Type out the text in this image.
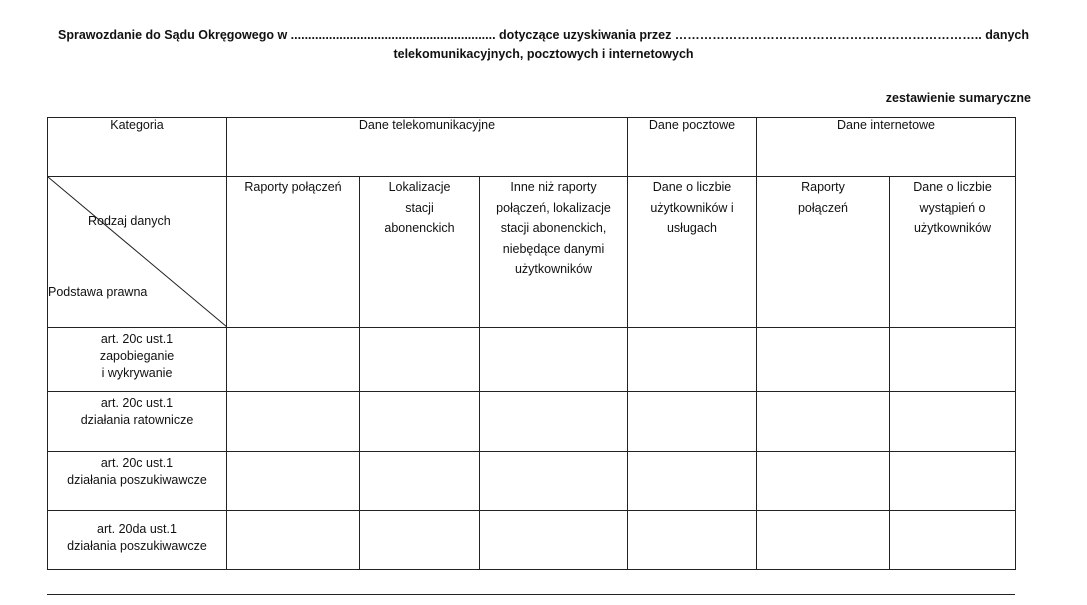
Sprawozdanie do Sądu Okręgowego w ........................................................... dotyczące uzyskiwania przez ……………………………………………………………….. danych
telekomunikacyjnych, pocztowych i internetowych
zestawienie sumaryczne
Kategoria	Dane telekomunikacyjne			Dane pocztowe	Dane internetowe	

Rodzaj danych
Podstawa prawna	Raporty połączeń	Lokalizacje stacji abonenckich	Inne niż raporty połączeń, lokalizacje stacji abonenckich, niebędące danymi użytkowników	Dane o liczbie użytkowników i usługach	Raporty połączeń	Dane o liczbie wystąpień o użytkowników

art. 20c ust.1
zapobieganie
i wykrywanie						

art. 20c ust.1
działania ratownicze						

art. 20c ust.1
działania poszukiwawcze						

art. 20da ust.1
działania poszukiwawcze						
